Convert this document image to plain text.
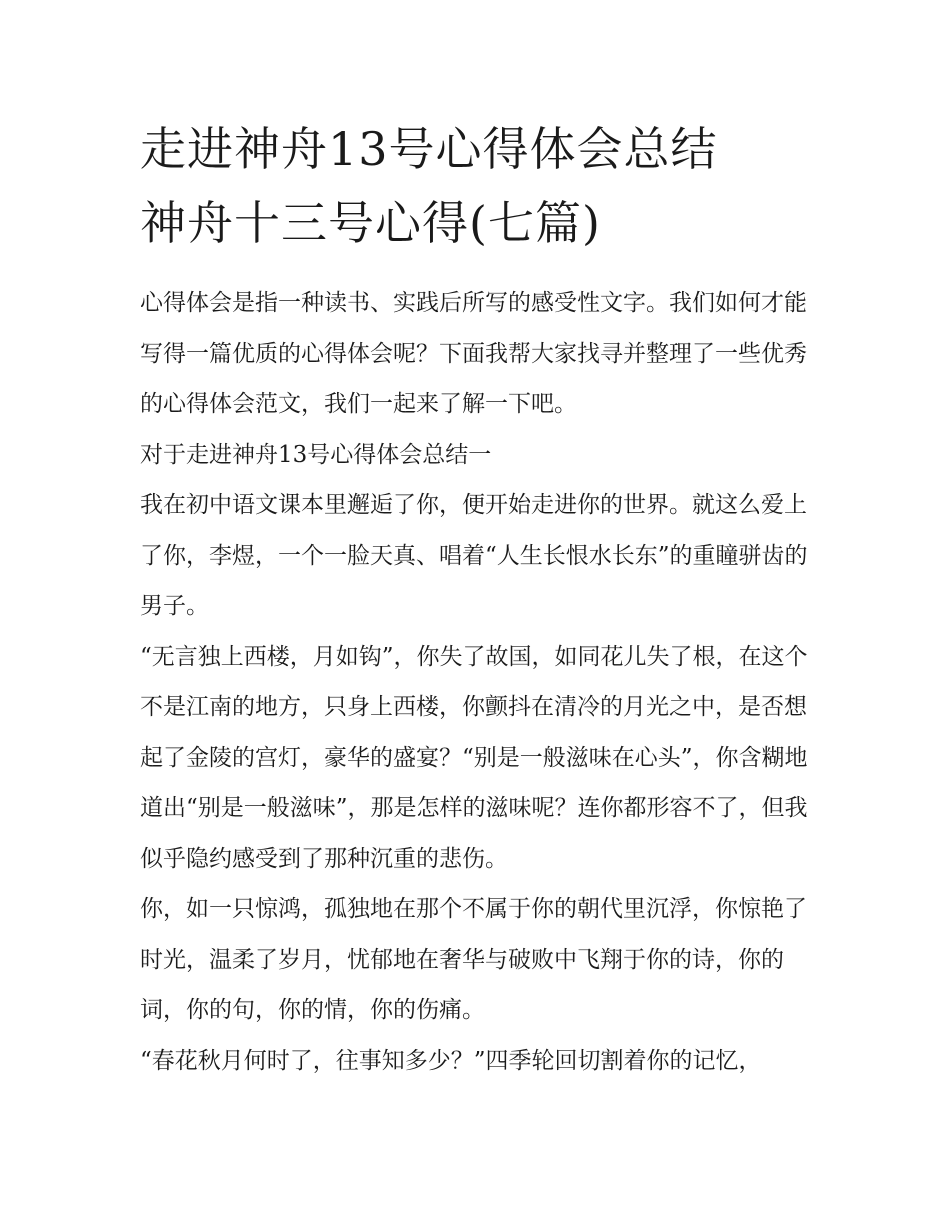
走进神舟13号心得体会总结
神舟十三号心得(七篇)

心得体会是指一种读书、实践后所写的感受性文字。我们如何才能写得一篇优质的心得体会呢？下面我帮大家找寻并整理了一些优秀的心得体会范文，我们一起来了解一下吧。

对于走进神舟13号心得体会总结一

我在初中语文课本里邂逅了你，便开始走进你的世界。就这么爱上了你，李煜，一个一脸天真、唱着“人生长恨水长东”的重瞳骈齿的男子。

“无言独上西楼，月如钩”，你失了故国，如同花儿失了根，在这个不是江南的地方，只身上西楼，你颤抖在清冷的月光之中，是否想起了金陵的宫灯，豪华的盛宴？“别是一般滋味在心头”，你含糊地道出“别是一般滋味”，那是怎样的滋味呢？连你都形容不了，但我似乎隐约感受到了那种沉重的悲伤。

你，如一只惊鸿，孤独地在那个不属于你的朝代里沉浮，你惊艳了时光，温柔了岁月，忧郁地在奢华与破败中飞翔于你的诗，你的词，你的句，你的情，你的伤痛。

“春花秋月何时了，往事知多少？”四季轮回切割着你的记忆，
